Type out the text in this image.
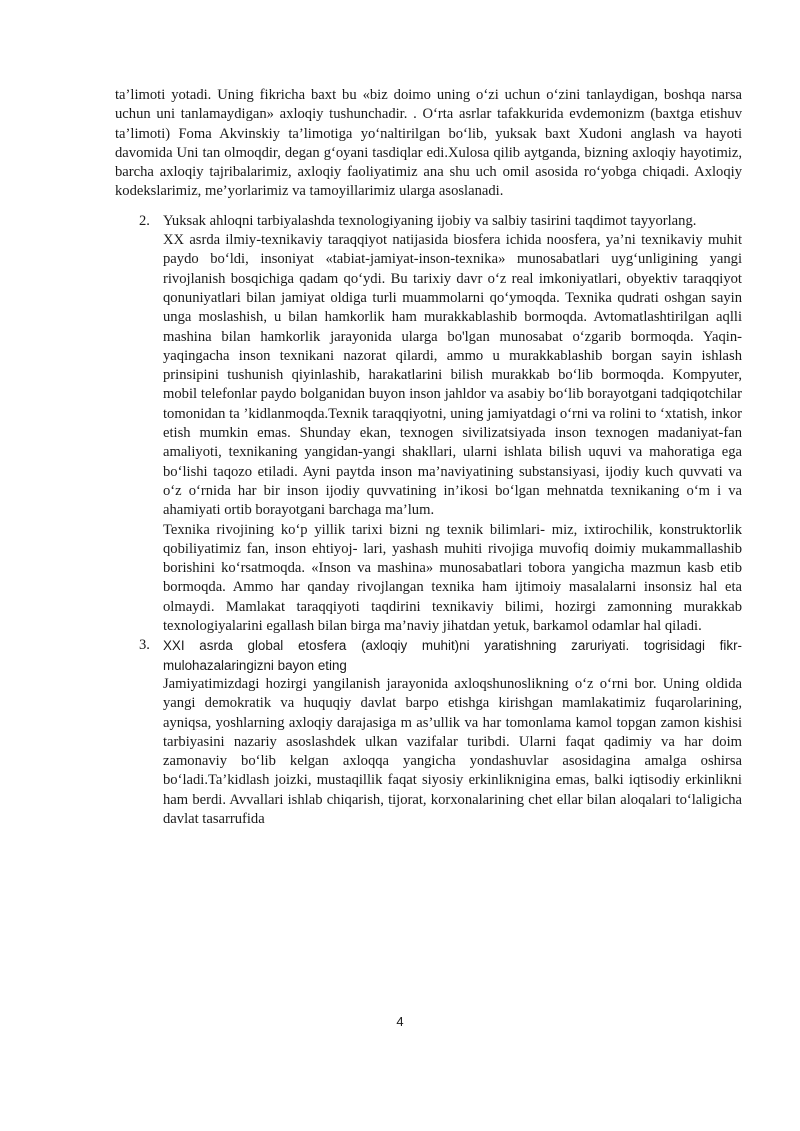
ta’limoti yotadi. Uning fikricha baxt bu «biz doimo uning o‘zi uchun o‘zini tanlaydigan, boshqa narsa uchun uni tanlamaydigan» axloqiy tushunchadir. . O‘rta asrlar tafakkurida evdemonizm (baxtga etishuv ta’limoti) Foma Akvinskiy ta’limotiga yo‘naltirilgan bo‘lib, yuksak baxt Xudoni anglash va hayoti davomida Uni tan olmoqdir, degan g‘oyani tasdiqlar edi.Xulosa qilib aytganda, bizning axloqiy hayotimiz, barcha axloqiy tajribalarimiz, axloqiy faoliyatimiz ana shu uch omil asosida ro‘yobga chiqadi. Axloqiy kodekslarimiz, me’yorlarimiz va tamoyillarimiz ularga asoslanadi.

2. Yuksak ahloqni tarbiyalashda texnologiyaning ijobiy va salbiy tasirini taqdimot tayyorlang.

XX asrda ilmiy-texnikaviy taraqqiyot natijasida biosfera ichida noosfera, ya’ni texnikaviy muhit paydo bo‘ldi, insoniyat «tabiat-jamiyat-inson-texnika» munosabatlari uyg‘unligining yangi rivojlanish bosqichiga qadam qo‘ydi. Bu tarixiy davr o‘z real imkoniyatlari, obyektiv taraqqiyot qonuniyatlari bilan jamiyat oldiga turli muammolarni qo‘ymoqda. Texnika qudrati oshgan sayin unga moslashish, u bilan hamkorlik ham murakkablashib bormoqda. Avtomatlashtirilgan aqlli mashina bilan hamkorlik jarayonida ularga bo'lgan munosabat o‘zgarib bormoqda. Yaqin-yaqingacha inson texnikani nazorat qilardi, ammo u murakkablashib borgan sayin ishlash prinsipini tushunish qiyinlashib, harakatlarini bilish murakkab bo‘lib bormoqda. Kompyuter, mobil telefonlar paydo bolganidan buyon inson jahldor va asabiy bo‘lib borayotgani tadqiqotchilar tomonidan ta ’kidlanmoqda.Texnik taraqqiyotni, uning jamiyatdagi o‘rni va rolini to ‘xtatish, inkor etish mumkin emas. Shunday ekan, texnogen sivilizatsiyada inson texnogen madaniyat-fan amaliyoti, texnikaning yangidan-yangi shakllari, ularni ishlata bilish uquvi va mahoratiga ega bo‘lishi taqozo etiladi. Ayni paytda inson ma’naviyatining substansiyasi, ijodiy kuch quvvati va o‘z o‘rnida har bir inson ijodiy quvvatining in’ikosi bo‘lgan mehnatda texnikaning o‘m i va ahamiyati ortib borayotgani barchaga ma’lum.

Texnika rivojining ko‘p yillik tarixi bizni ng texnik bilimlari- miz, ixtirochilik, konstruktorlik qobiliyatimiz fan, inson ehtiyoj- lari, yashash muhiti rivojiga muvofiq doimiy mukammallashib borishini ko‘rsatmoqda. «Inson va mashina» munosabatlari tobora yangicha mazmun kasb etib bormoqda. Ammo har qanday rivojlangan texnika ham ijtimoiy masalalarni insonsiz hal eta olmaydi. Mamlakat taraqqiyoti taqdirini texnikaviy bilimi, hozirgi zamonning murakkab texnologiyalarini egallash bilan birga ma’naviy jihatdan yetuk, barkamol odamlar hal qiladi.

3. XXI asrda global etosfera (axloqiy muhit)ni yaratishning zaruriyati. togrisidagi fikr-mulohazalaringizni bayon eting

Jamiyatimizdagi hozirgi yangilanish jarayonida axloqshunoslikning o‘z o‘rni bor. Uning oldida yangi demokratik va huquqiy davlat barpo etishga kirishgan mamlakatimiz fuqarolarining, ayniqsa, yoshlarning axloqiy darajasiga m as’ullik va har tomonlama kamol topgan zamon kishisi tarbiyasini nazariy asoslashdek ulkan vazifalar turibdi. Ularni faqat qadimiy va har doim zamonaviy bo‘lib kelgan axloqqa yangicha yondashuvlar asosidagina amalga oshirsa bo‘ladi.Ta’kidlash joizki, mustaqillik faqat siyosiy erkinliknigina emas, balki iqtisodiy erkinlikni ham berdi. Avvallari ishlab chiqarish, tijorat, korxonalarining chet ellar bilan aloqalari to‘laligicha davlat tasarrufida

4
